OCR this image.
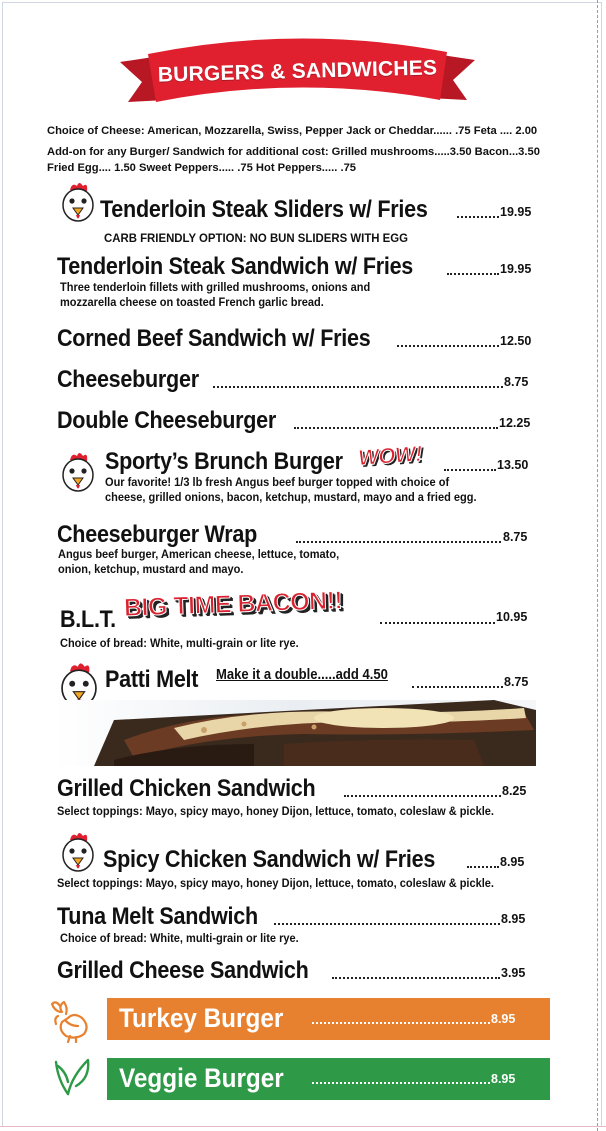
BURGERS & SANDWICHES
Choice of Cheese: American, Mozzarella, Swiss, Pepper Jack or Cheddar...... .75 Feta .... 2.00
Add-on for any Burger/ Sandwich for additional cost: Grilled mushrooms.....3.50 Bacon...3.50
Fried Egg.... 1.50 Sweet Peppers..... .75 Hot Peppers..... .75
Tenderloin Steak Sliders w/ Fries	19.95
CARB FRIENDLY OPTION: NO BUN SLIDERS WITH EGG
Tenderloin Steak Sandwich w/ Fries	19.95
Three tenderloin fillets with grilled mushrooms, onions and
mozzarella cheese on toasted French garlic bread.
Corned Beef Sandwich w/ Fries	12.50
Cheeseburger	8.75
Double Cheeseburger	12.25
Sporty’s Brunch Burger WOW!	13.50
Our favorite! 1/3 lb fresh Angus beef burger topped with choice of
cheese, grilled onions, bacon, ketchup, mustard, mayo and a fried egg.
Cheeseburger Wrap	8.75
Angus beef burger, American cheese, lettuce, tomato,
onion, ketchup, mustard and mayo.
B.L.T. BIG TIME BACON!!	10.95
Choice of bread: White, multi-grain or lite rye.
Patti Melt Make it a double.....add 4.50	8.75
Grilled Chicken Sandwich	8.25
Select toppings: Mayo, spicy mayo, honey Dijon, lettuce, tomato, coleslaw & pickle.
Spicy Chicken Sandwich w/ Fries	8.95
Select toppings: Mayo, spicy mayo, honey Dijon, lettuce, tomato, coleslaw & pickle.
Tuna Melt Sandwich	8.95
Choice of bread: White, multi-grain or lite rye.
Grilled Cheese Sandwich	3.95
Turkey Burger	8.95
Veggie Burger	8.95
